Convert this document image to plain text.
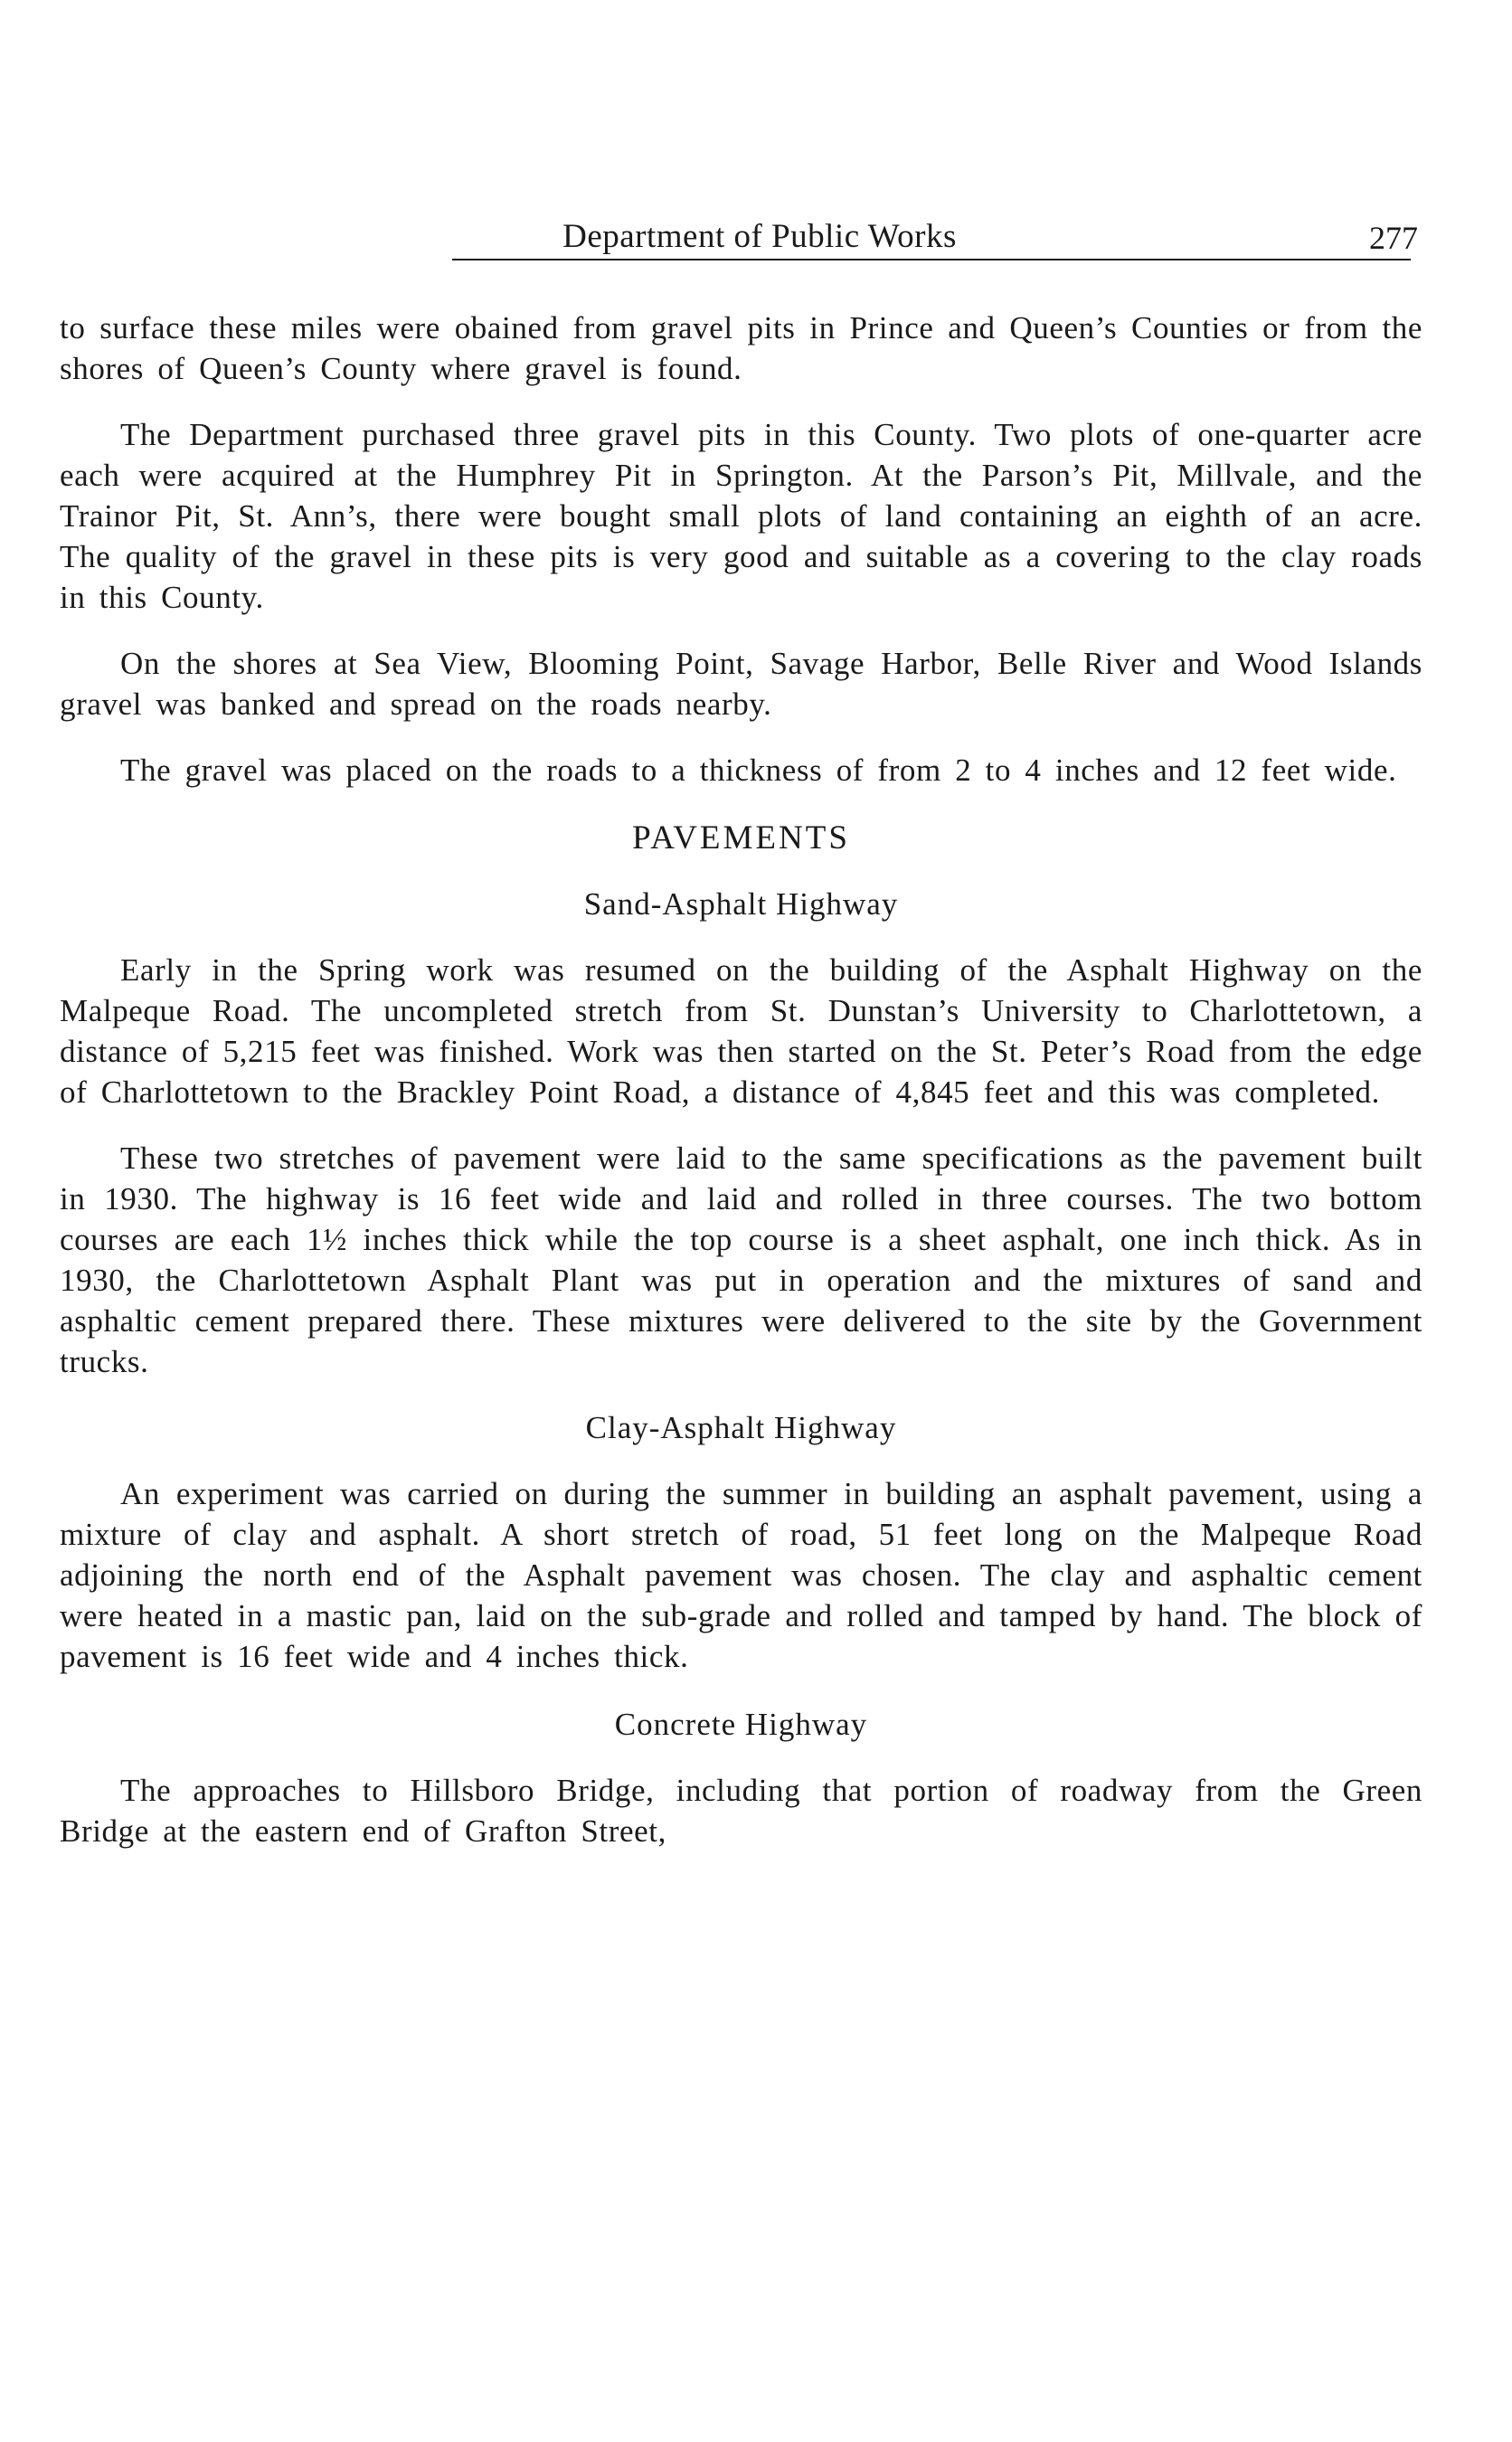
Department of Public Works	277

to surface these miles were obained from gravel pits in Prince and Queen’s Counties or from the shores of Queen’s County where gravel is found.

The Department purchased three gravel pits in this County. Two plots of one-quarter acre each were acquired at the Humphrey Pit in Springton. At the Parson’s Pit, Millvale, and the Trainor Pit, St. Ann’s, there were bought small plots of land containing an eighth of an acre. The quality of the gravel in these pits is very good and suitable as a covering to the clay roads in this County.

On the shores at Sea View, Blooming Point, Savage Harbor, Belle River and Wood Islands gravel was banked and spread on the roads nearby.

The gravel was placed on the roads to a thickness of from 2 to 4 inches and 12 feet wide.

PAVEMENTS

Sand-Asphalt Highway

Early in the Spring work was resumed on the building of the Asphalt Highway on the Malpeque Road. The uncompleted stretch from St. Dunstan’s University to Charlottetown, a distance of 5,215 feet was finished. Work was then started on the St. Peter’s Road from the edge of Charlottetown to the Brackley Point Road, a distance of 4,845 feet and this was completed.

These two stretches of pavement were laid to the same specifications as the pavement built in 1930. The highway is 16 feet wide and laid and rolled in three courses. The two bottom courses are each 1½ inches thick while the top course is a sheet asphalt, one inch thick. As in 1930, the Charlottetown Asphalt Plant was put in operation and the mixtures of sand and asphaltic cement prepared there. These mixtures were delivered to the site by the Government trucks.

Clay-Asphalt Highway

An experiment was carried on during the summer in building an asphalt pavement, using a mixture of clay and asphalt. A short stretch of road, 51 feet long on the Malpeque Road adjoining the north end of the Asphalt pavement was chosen. The clay and asphaltic cement were heated in a mastic pan, laid on the sub-grade and rolled and tamped by hand. The block of pavement is 16 feet wide and 4 inches thick.

Concrete Highway

The approaches to Hillsboro Bridge, including that portion of roadway from the Green Bridge at the eastern end of Grafton Street,
